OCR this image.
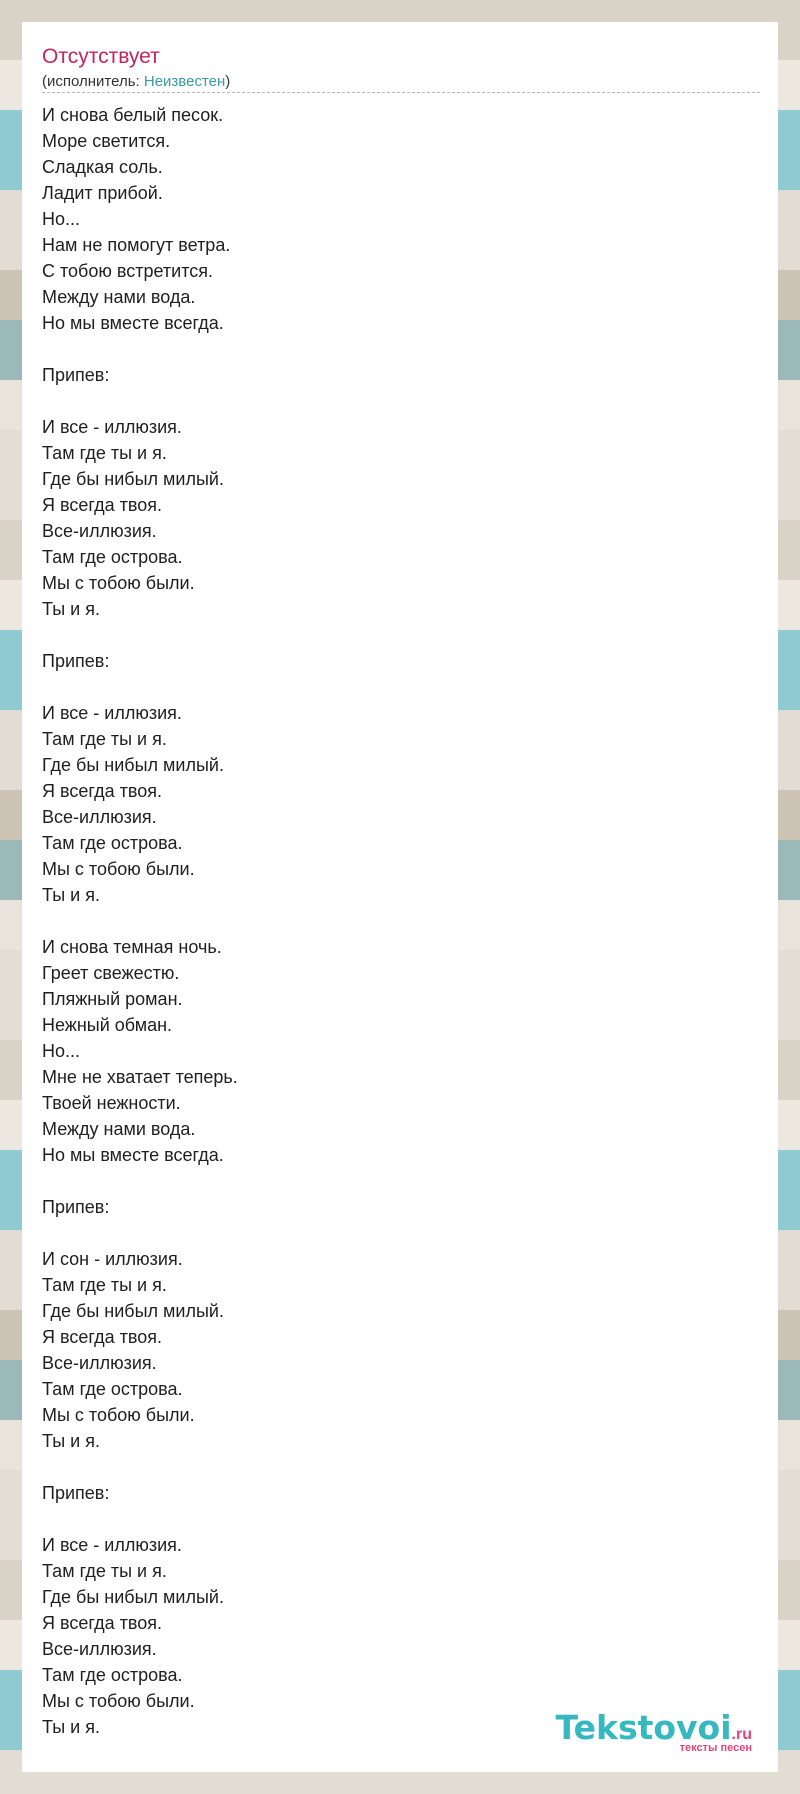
Отсутствует
(исполнитель: Неизвестен)
И снова белый песок.
Море светится.
Сладкая соль.
Ладит прибой.
Но...
Нам не помогут ветра.
С тобою встретится.
Между нами вода.
Но мы вместе всегда.
Припев:
И все - иллюзия.
Там где ты и я.
Где бы нибыл милый.
Я всегда твоя.
Все-иллюзия.
Там где острова.
Мы с тобою были.
Ты и я.
Припев:
И все - иллюзия.
Там где ты и я.
Где бы нибыл милый.
Я всегда твоя.
Все-иллюзия.
Там где острова.
Мы с тобою были.
Ты и я.
И снова темная ночь.
Греет свежестю.
Пляжный роман.
Нежный обман.
Но...
Мне не хватает теперь.
Твоей нежности.
Между нами вода.
Но мы вместе всегда.
Припев:
И сон - иллюзия.
Там где ты и я.
Где бы нибыл милый.
Я всегда твоя.
Все-иллюзия.
Там где острова.
Мы с тобою были.
Ты и я.
Припев:
И все - иллюзия.
Там где ты и я.
Где бы нибыл милый.
Я всегда твоя.
Все-иллюзия.
Там где острова.
Мы с тобою были.
Ты и я.	Tekstovoi.ru
тексты песен
